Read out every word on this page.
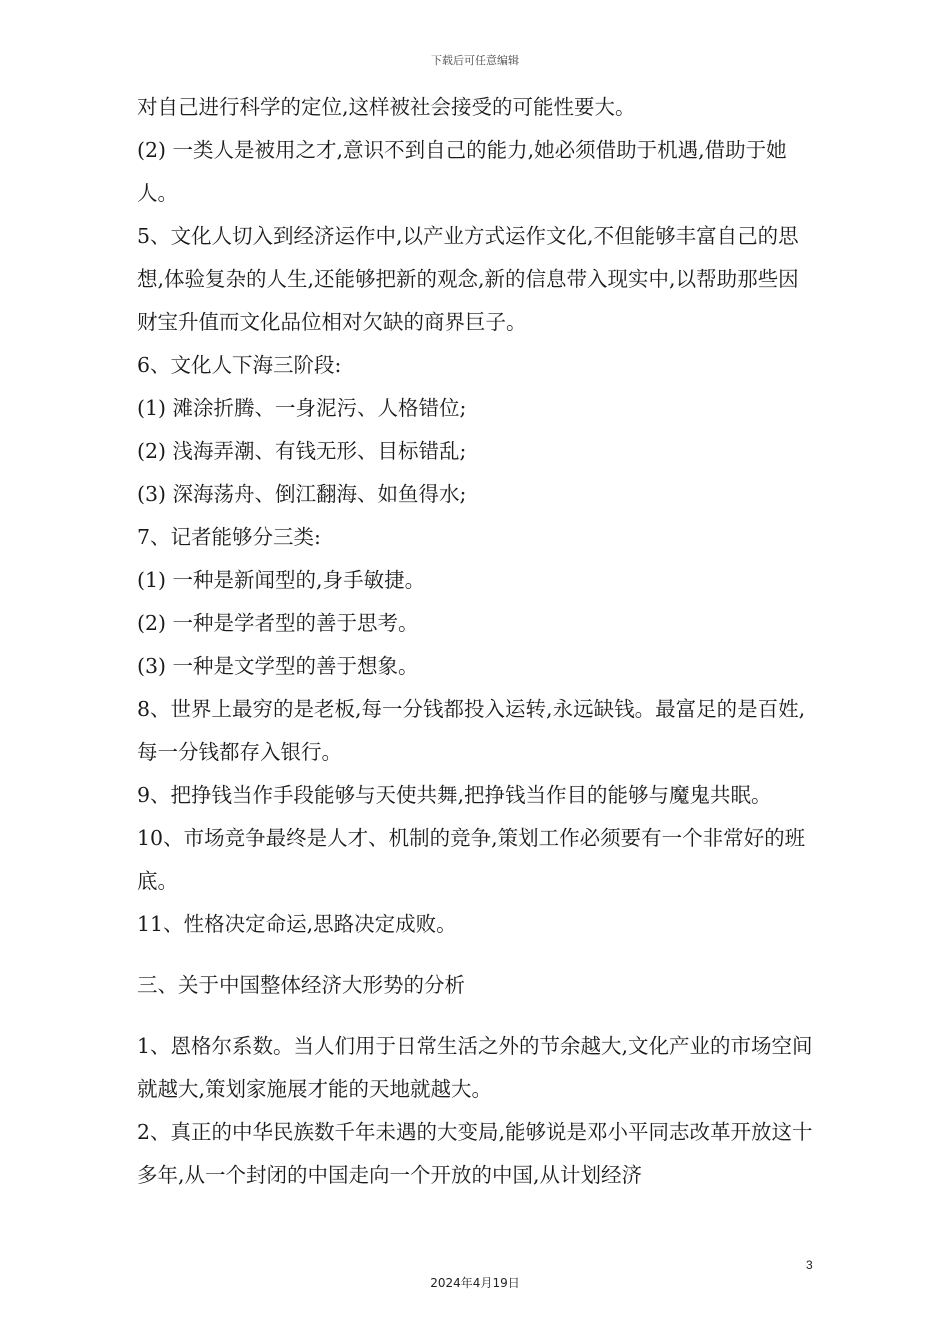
下载后可任意编辑

对自己进行科学的定位,这样被社会接受的可能性要大。

(2) 一类人是被用之才,意识不到自己的能力,她必须借助于机遇,借助于她人。

5、文化人切入到经济运作中,以产业方式运作文化,不但能够丰富自己的思想,体验复杂的人生,还能够把新的观念,新的信息带入现实中,以帮助那些因财宝升值而文化品位相对欠缺的商界巨子。

6、文化人下海三阶段:

(1) 滩涂折腾、一身泥污、人格错位;

(2) 浅海弄潮、有钱无形、目标错乱;

(3) 深海荡舟、倒江翻海、如鱼得水;

7、记者能够分三类:

(1) 一种是新闻型的,身手敏捷。

(2) 一种是学者型的善于思考。

(3) 一种是文学型的善于想象。

8、世界上最穷的是老板,每一分钱都投入运转,永远缺钱。最富足的是百姓,每一分钱都存入银行。

9、把挣钱当作手段能够与天使共舞,把挣钱当作目的能够与魔鬼共眠。

10、市场竞争最终是人才、机制的竞争,策划工作必须要有一个非常好的班底。

11、性格决定命运,思路决定成败。

三、关于中国整体经济大形势的分析

1、恩格尔系数。当人们用于日常生活之外的节余越大,文化产业的市场空间就越大,策划家施展才能的天地就越大。

2、真正的中华民族数千年未遇的大变局,能够说是邓小平同志改革开放这十多年,从一个封闭的中国走向一个开放的中国,从计划经济

3
2024年4月19日
